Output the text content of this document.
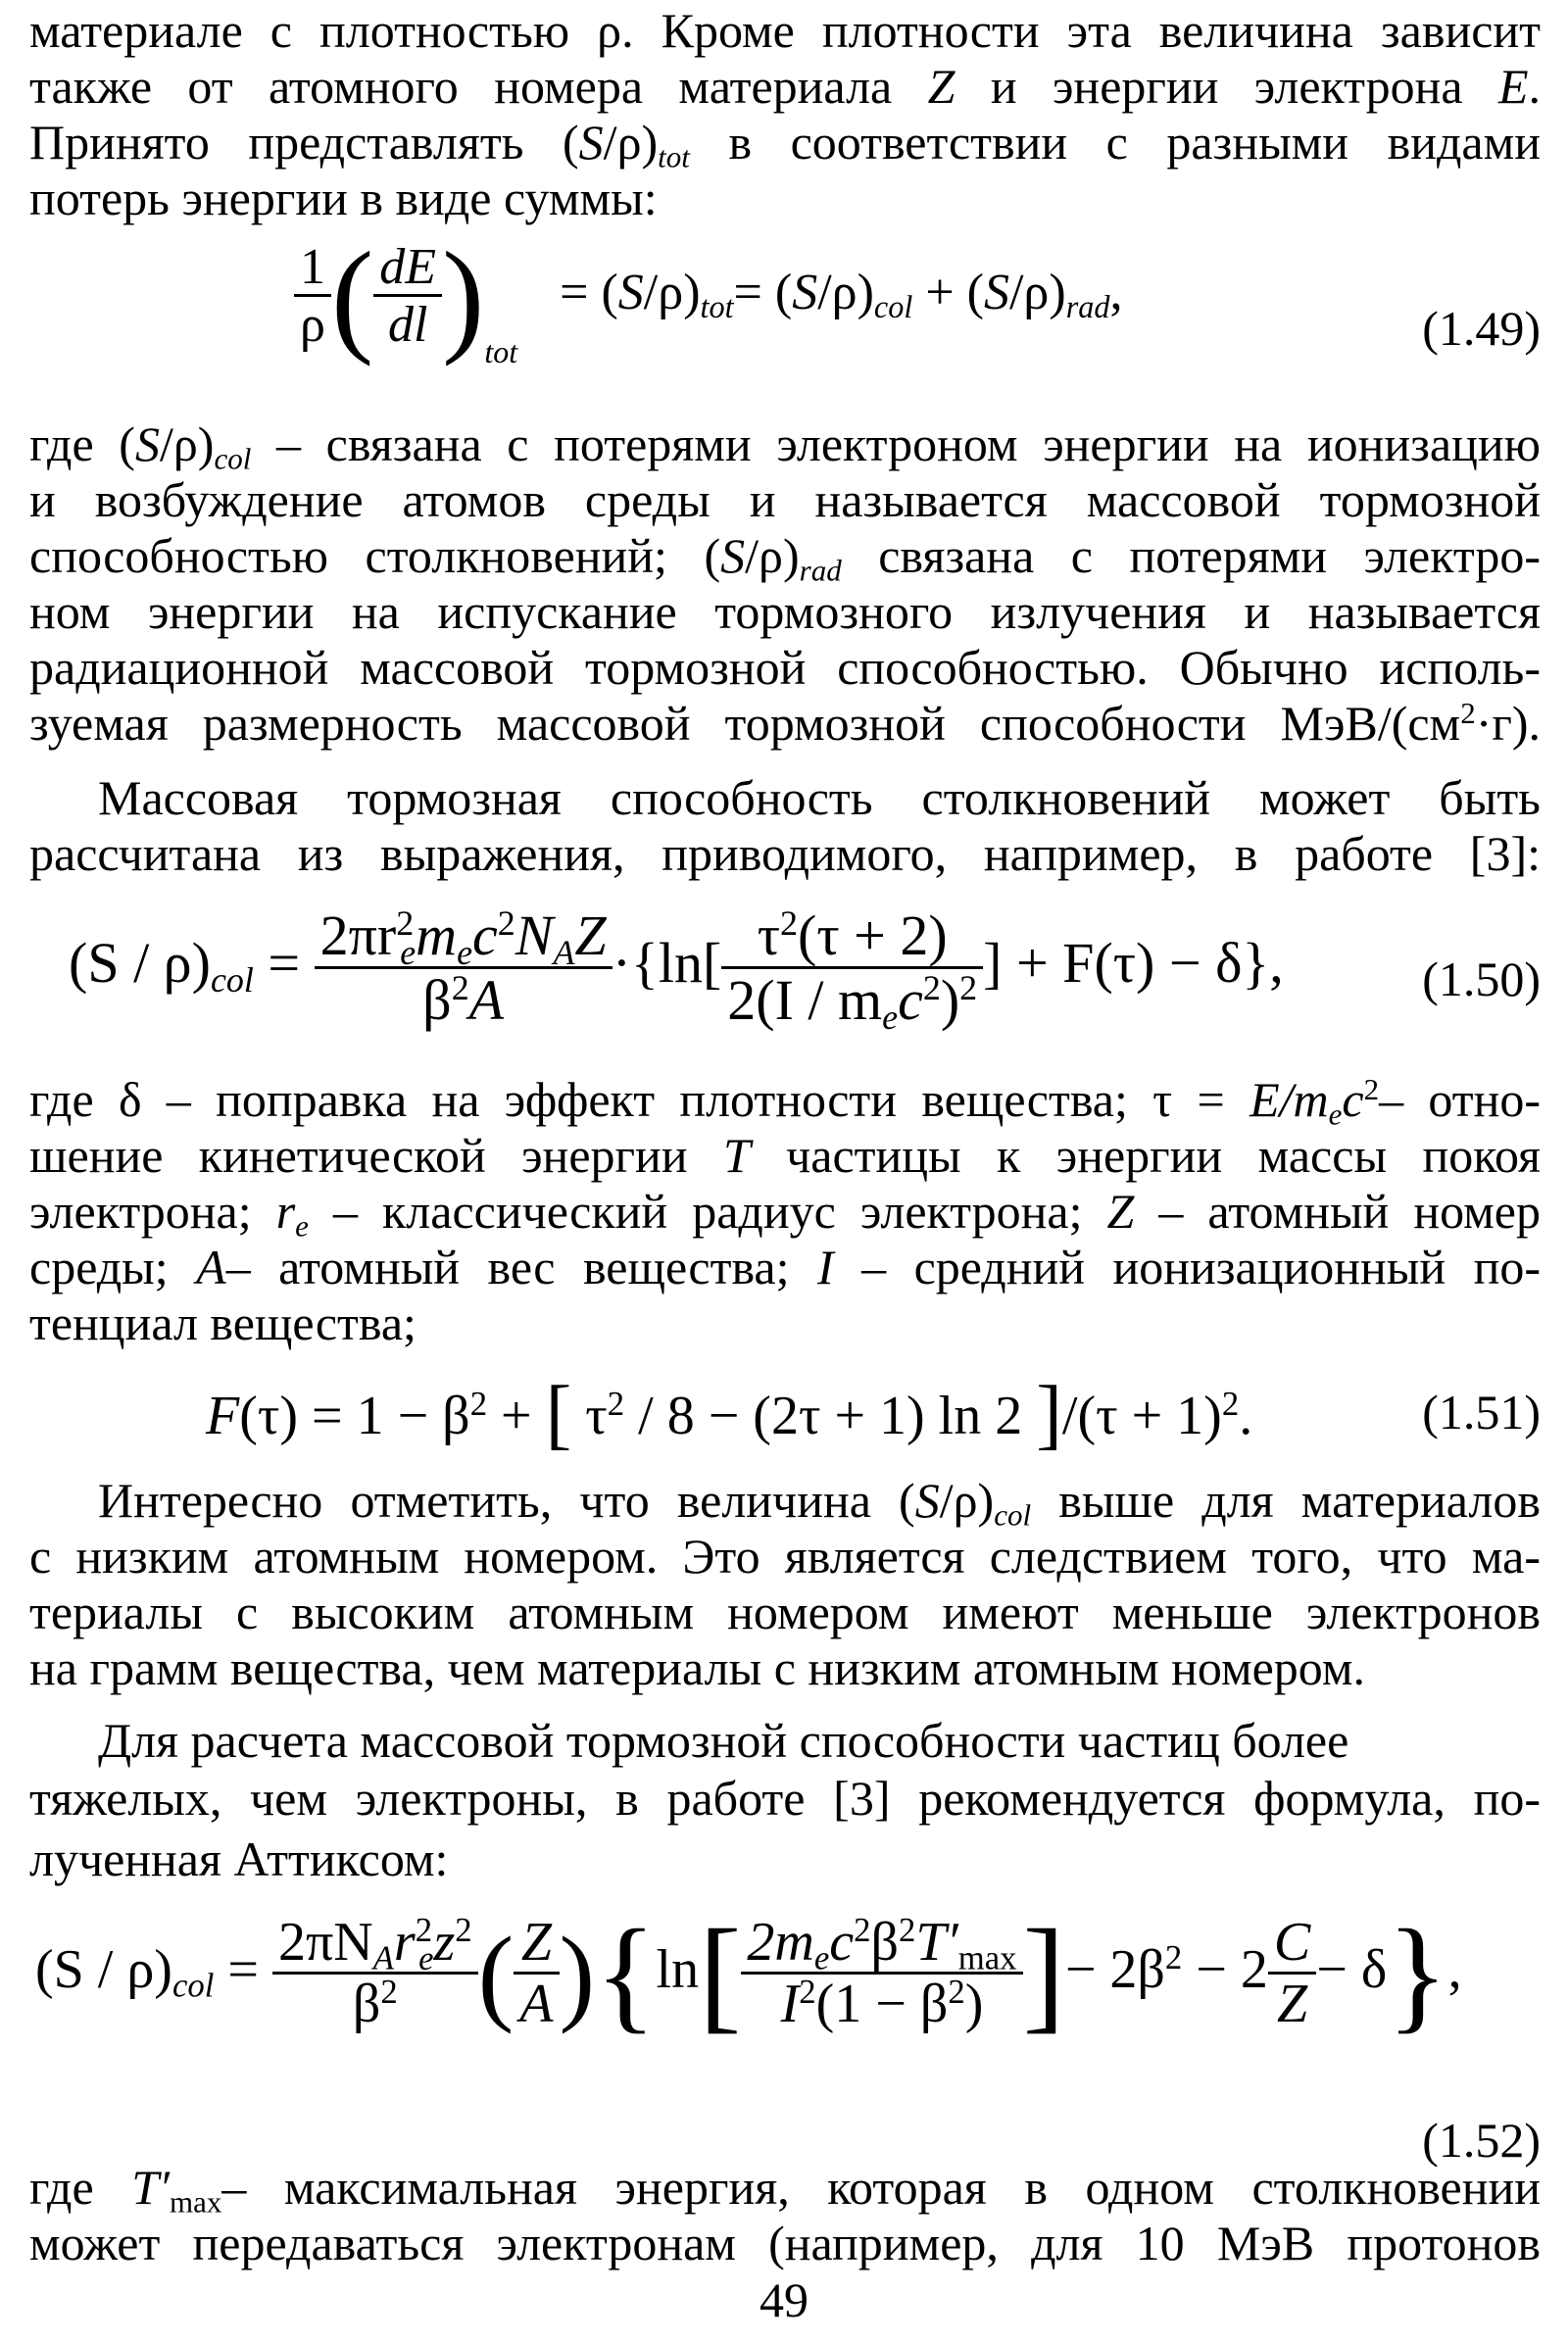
материале с плотностью ρ. Кроме плотности эта величина зависит
также от атомного номера материала Z и энергии электрона E.
Принято представлять $(S/\rho)_{tot}$ в соответствии с разными видами
потерь энергии в виде суммы:
$\frac{1}{\rho}$ ( $\frac{dE}{dl} )_{tot} = (S/\rho)_{tot}= (S/\rho)_{col} + (S/\rho)_{rad}$,
(1.49)
где $(S/\rho)_{col}$ – связана с потерями электроном энергии на ионизацию
и возбуждение атомов среды и называется массовой тормозной
способностью столкновений; $(S/\rho)_{rad}$ связана с потерями электро-
ном энергии на испускание тормозного излучения и называется
радиационной массовой тормозной способностью. Обычно исполь-
зуемая размерность массовой тормозной способности МэВ/$(см^2\cdot г)$.
Массовая тормозная способность столкновений может быть
рассчитана из выражения, приводимого, например, в работе [3]:
$(S / \rho)_{col} = \frac{2\pi r^2_em_ec^2N_AZ}{\beta^2A} \cdot\{\ln[ \frac{\tau^2(\tau + 2)}{2(I / m_ec^2)^2}$ ] + F(τ) − δ},	(1.50)
где δ – поправка на эффект плотности вещества; $\tau = E/m_ec^2-$ отно-
шение кинетической энергии T частицы к энергии массы покоя
электрона; $r_e$ – классический радиус электрона; Z – атомный номер
среды; A– атомный вес вещества; I – средний ионизационный по-
тенциал вещества;
$F(\tau) = 1 - \beta^2$ + [ $\tau^2 / 8 - (2\tau + 1)$ ln 2 ]$/(\tau + 1)^2$.	(1.51)
Интересно отметить, что величина $(S/\rho)_{col}$ выше для материалов
с низким атомным номером. Это является следствием того, что ма-
териалы с высоким атомным номером имеют меньше электронов
на грамм вещества, чем материалы с низким атомным номером.
Для расчета массовой тормозной способности частиц более
тяжелых, чем электроны, в работе [3] рекомендуется формула, по-
лученная Аттиксом:
$(S / \rho)_{col} = \frac{2\pi N_Ar^2_ez^2}{\beta^2}$ ( $\frac{Z}{A} )\{\ln[ \frac{2m_ec^2\beta^2T'_{max}}{I^2(1 - \beta^2)}$ ]− $2\beta^2 - 2 \frac{C}{Z} - \delta$},
(1.52)
где $T'_{max}-$ максимальная энергия, которая в одном столкновении
может передаваться электронам (например, для 10 МэВ протонов
49
